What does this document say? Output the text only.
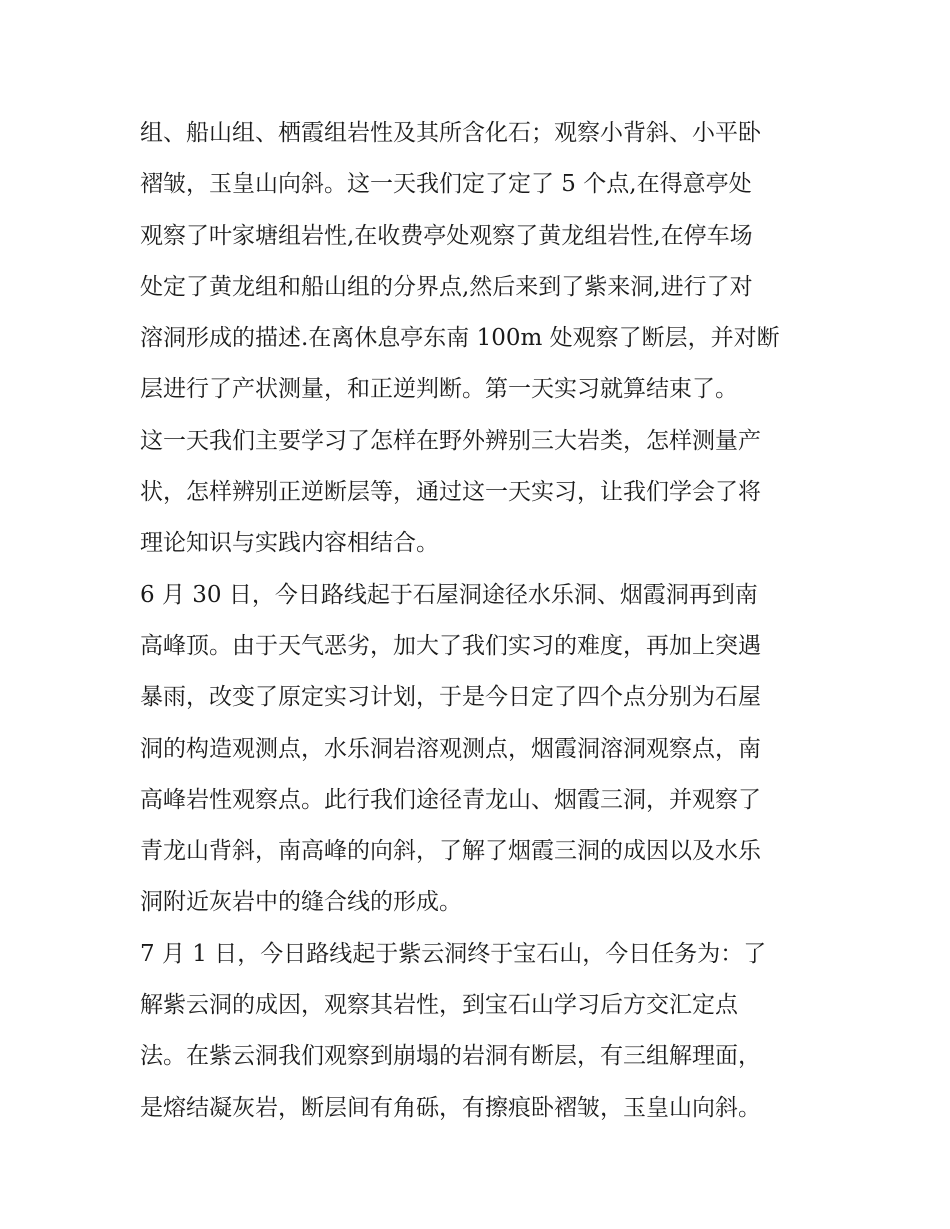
组、船山组、栖霞组岩性及其所含化石；观察小背斜、小平卧
褶皱，玉皇山向斜。这一天我们定了定了 5 个点,在得意亭处
观察了叶家塘组岩性,在收费亭处观察了黄龙组岩性,在停车场
处定了黄龙组和船山组的分界点,然后来到了紫来洞,进行了对
溶洞形成的描述.在离休息亭东南 100m 处观察了断层，并对断
层进行了产状测量，和正逆判断。第一天实习就算结束了。
这一天我们主要学习了怎样在野外辨别三大岩类，怎样测量产
状，怎样辨别正逆断层等，通过这一天实习，让我们学会了将
理论知识与实践内容相结合。
6 月 30 日，今日路线起于石屋洞途径水乐洞、烟霞洞再到南
高峰顶。由于天气恶劣，加大了我们实习的难度，再加上突遇
暴雨，改变了原定实习计划，于是今日定了四个点分别为石屋
洞的构造观测点，水乐洞岩溶观测点，烟霞洞溶洞观察点，南
高峰岩性观察点。此行我们途径青龙山、烟霞三洞，并观察了
青龙山背斜，南高峰的向斜，了解了烟霞三洞的成因以及水乐
洞附近灰岩中的缝合线的形成。
7 月 1 日，今日路线起于紫云洞终于宝石山，今日任务为：了
解紫云洞的成因，观察其岩性，到宝石山学习后方交汇定点
法。在紫云洞我们观察到崩塌的岩洞有断层，有三组解理面，
是熔结凝灰岩，断层间有角砾，有擦痕卧褶皱，玉皇山向斜。
